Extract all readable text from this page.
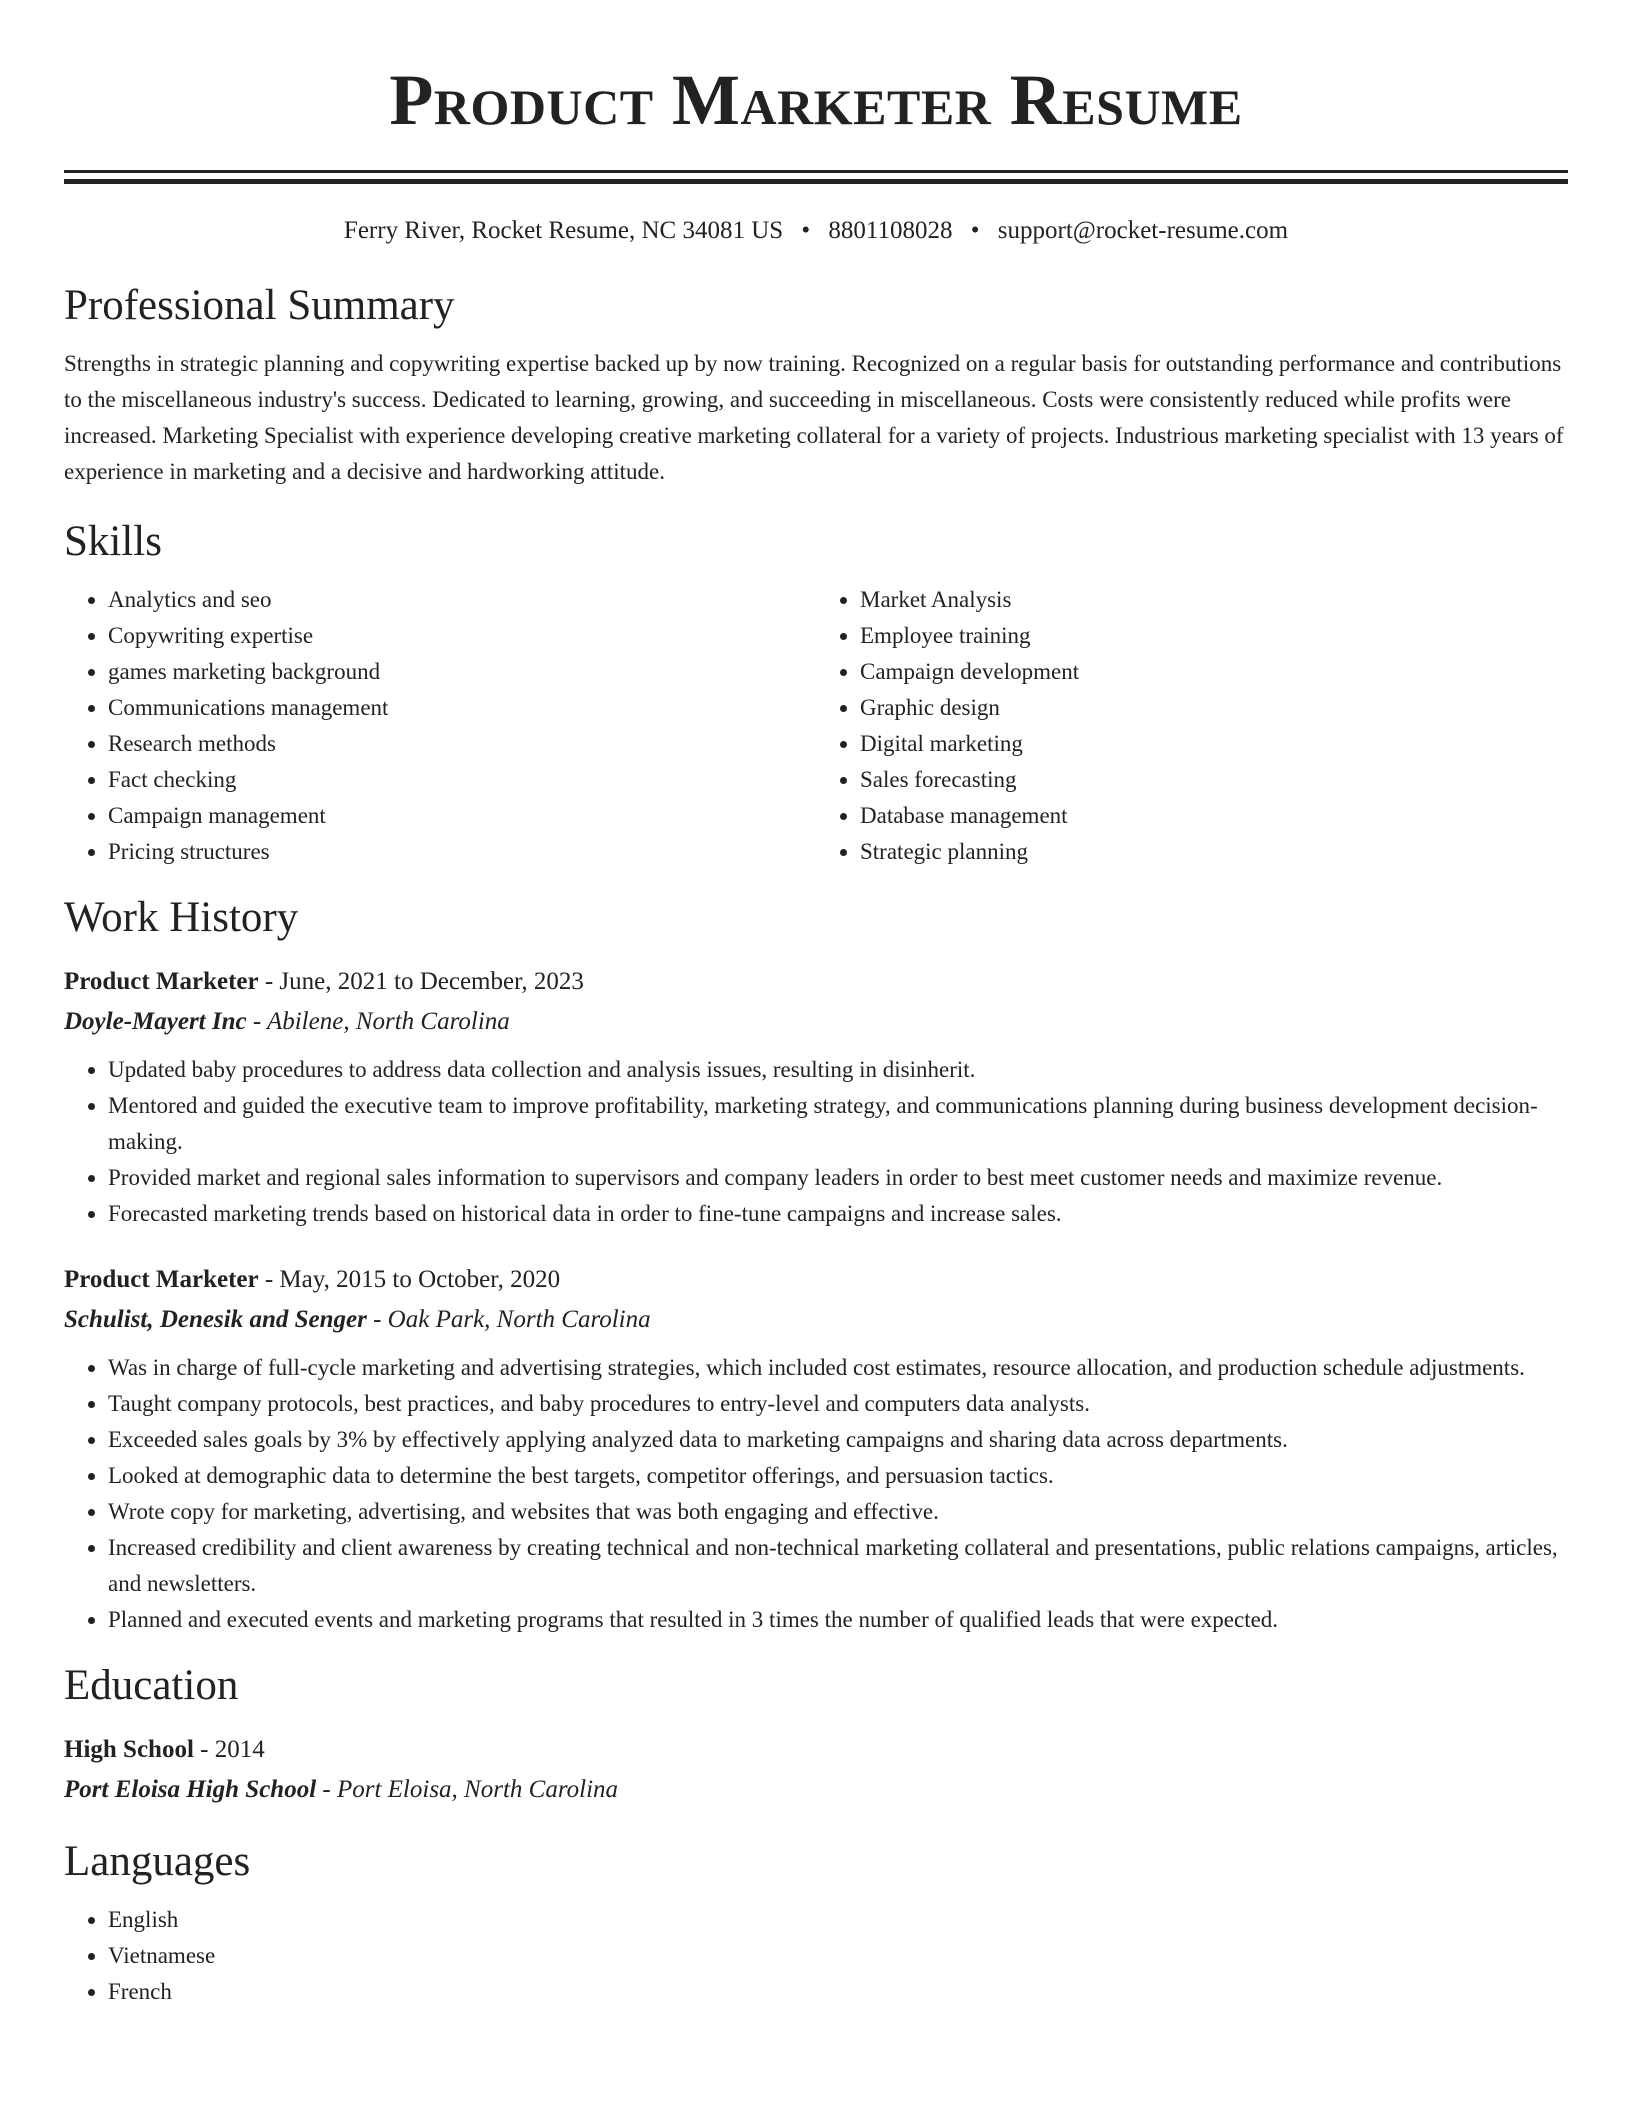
Product Marketer Resume
Ferry River, Rocket Resume, NC 34081 US • 8801108028 • support@rocket-resume.com
Professional Summary
Strengths in strategic planning and copywriting expertise backed up by now training. Recognized on a regular basis for outstanding performance and contributions to the miscellaneous industry's success. Dedicated to learning, growing, and succeeding in miscellaneous. Costs were consistently reduced while profits were increased. Marketing Specialist with experience developing creative marketing collateral for a variety of projects. Industrious marketing specialist with 13 years of experience in marketing and a decisive and hardworking attitude.
Skills
• Analytics and seo
• Copywriting expertise
• games marketing background
• Communications management
• Research methods
• Fact checking
• Campaign management
• Pricing structures
• Market Analysis
• Employee training
• Campaign development
• Graphic design
• Digital marketing
• Sales forecasting
• Database management
• Strategic planning
Work History
Product Marketer - June, 2021 to December, 2023
Doyle-Mayert Inc - Abilene, North Carolina
• Updated baby procedures to address data collection and analysis issues, resulting in disinherit.
• Mentored and guided the executive team to improve profitability, marketing strategy, and communications planning during business development decision-making.
• Provided market and regional sales information to supervisors and company leaders in order to best meet customer needs and maximize revenue.
• Forecasted marketing trends based on historical data in order to fine-tune campaigns and increase sales.
Product Marketer - May, 2015 to October, 2020
Schulist, Denesik and Senger - Oak Park, North Carolina
• Was in charge of full-cycle marketing and advertising strategies, which included cost estimates, resource allocation, and production schedule adjustments.
• Taught company protocols, best practices, and baby procedures to entry-level and computers data analysts.
• Exceeded sales goals by 3% by effectively applying analyzed data to marketing campaigns and sharing data across departments.
• Looked at demographic data to determine the best targets, competitor offerings, and persuasion tactics.
• Wrote copy for marketing, advertising, and websites that was both engaging and effective.
• Increased credibility and client awareness by creating technical and non-technical marketing collateral and presentations, public relations campaigns, articles, and newsletters.
• Planned and executed events and marketing programs that resulted in 3 times the number of qualified leads that were expected.
Education
High School - 2014
Port Eloisa High School - Port Eloisa, North Carolina
Languages
• English
• Vietnamese
• French
